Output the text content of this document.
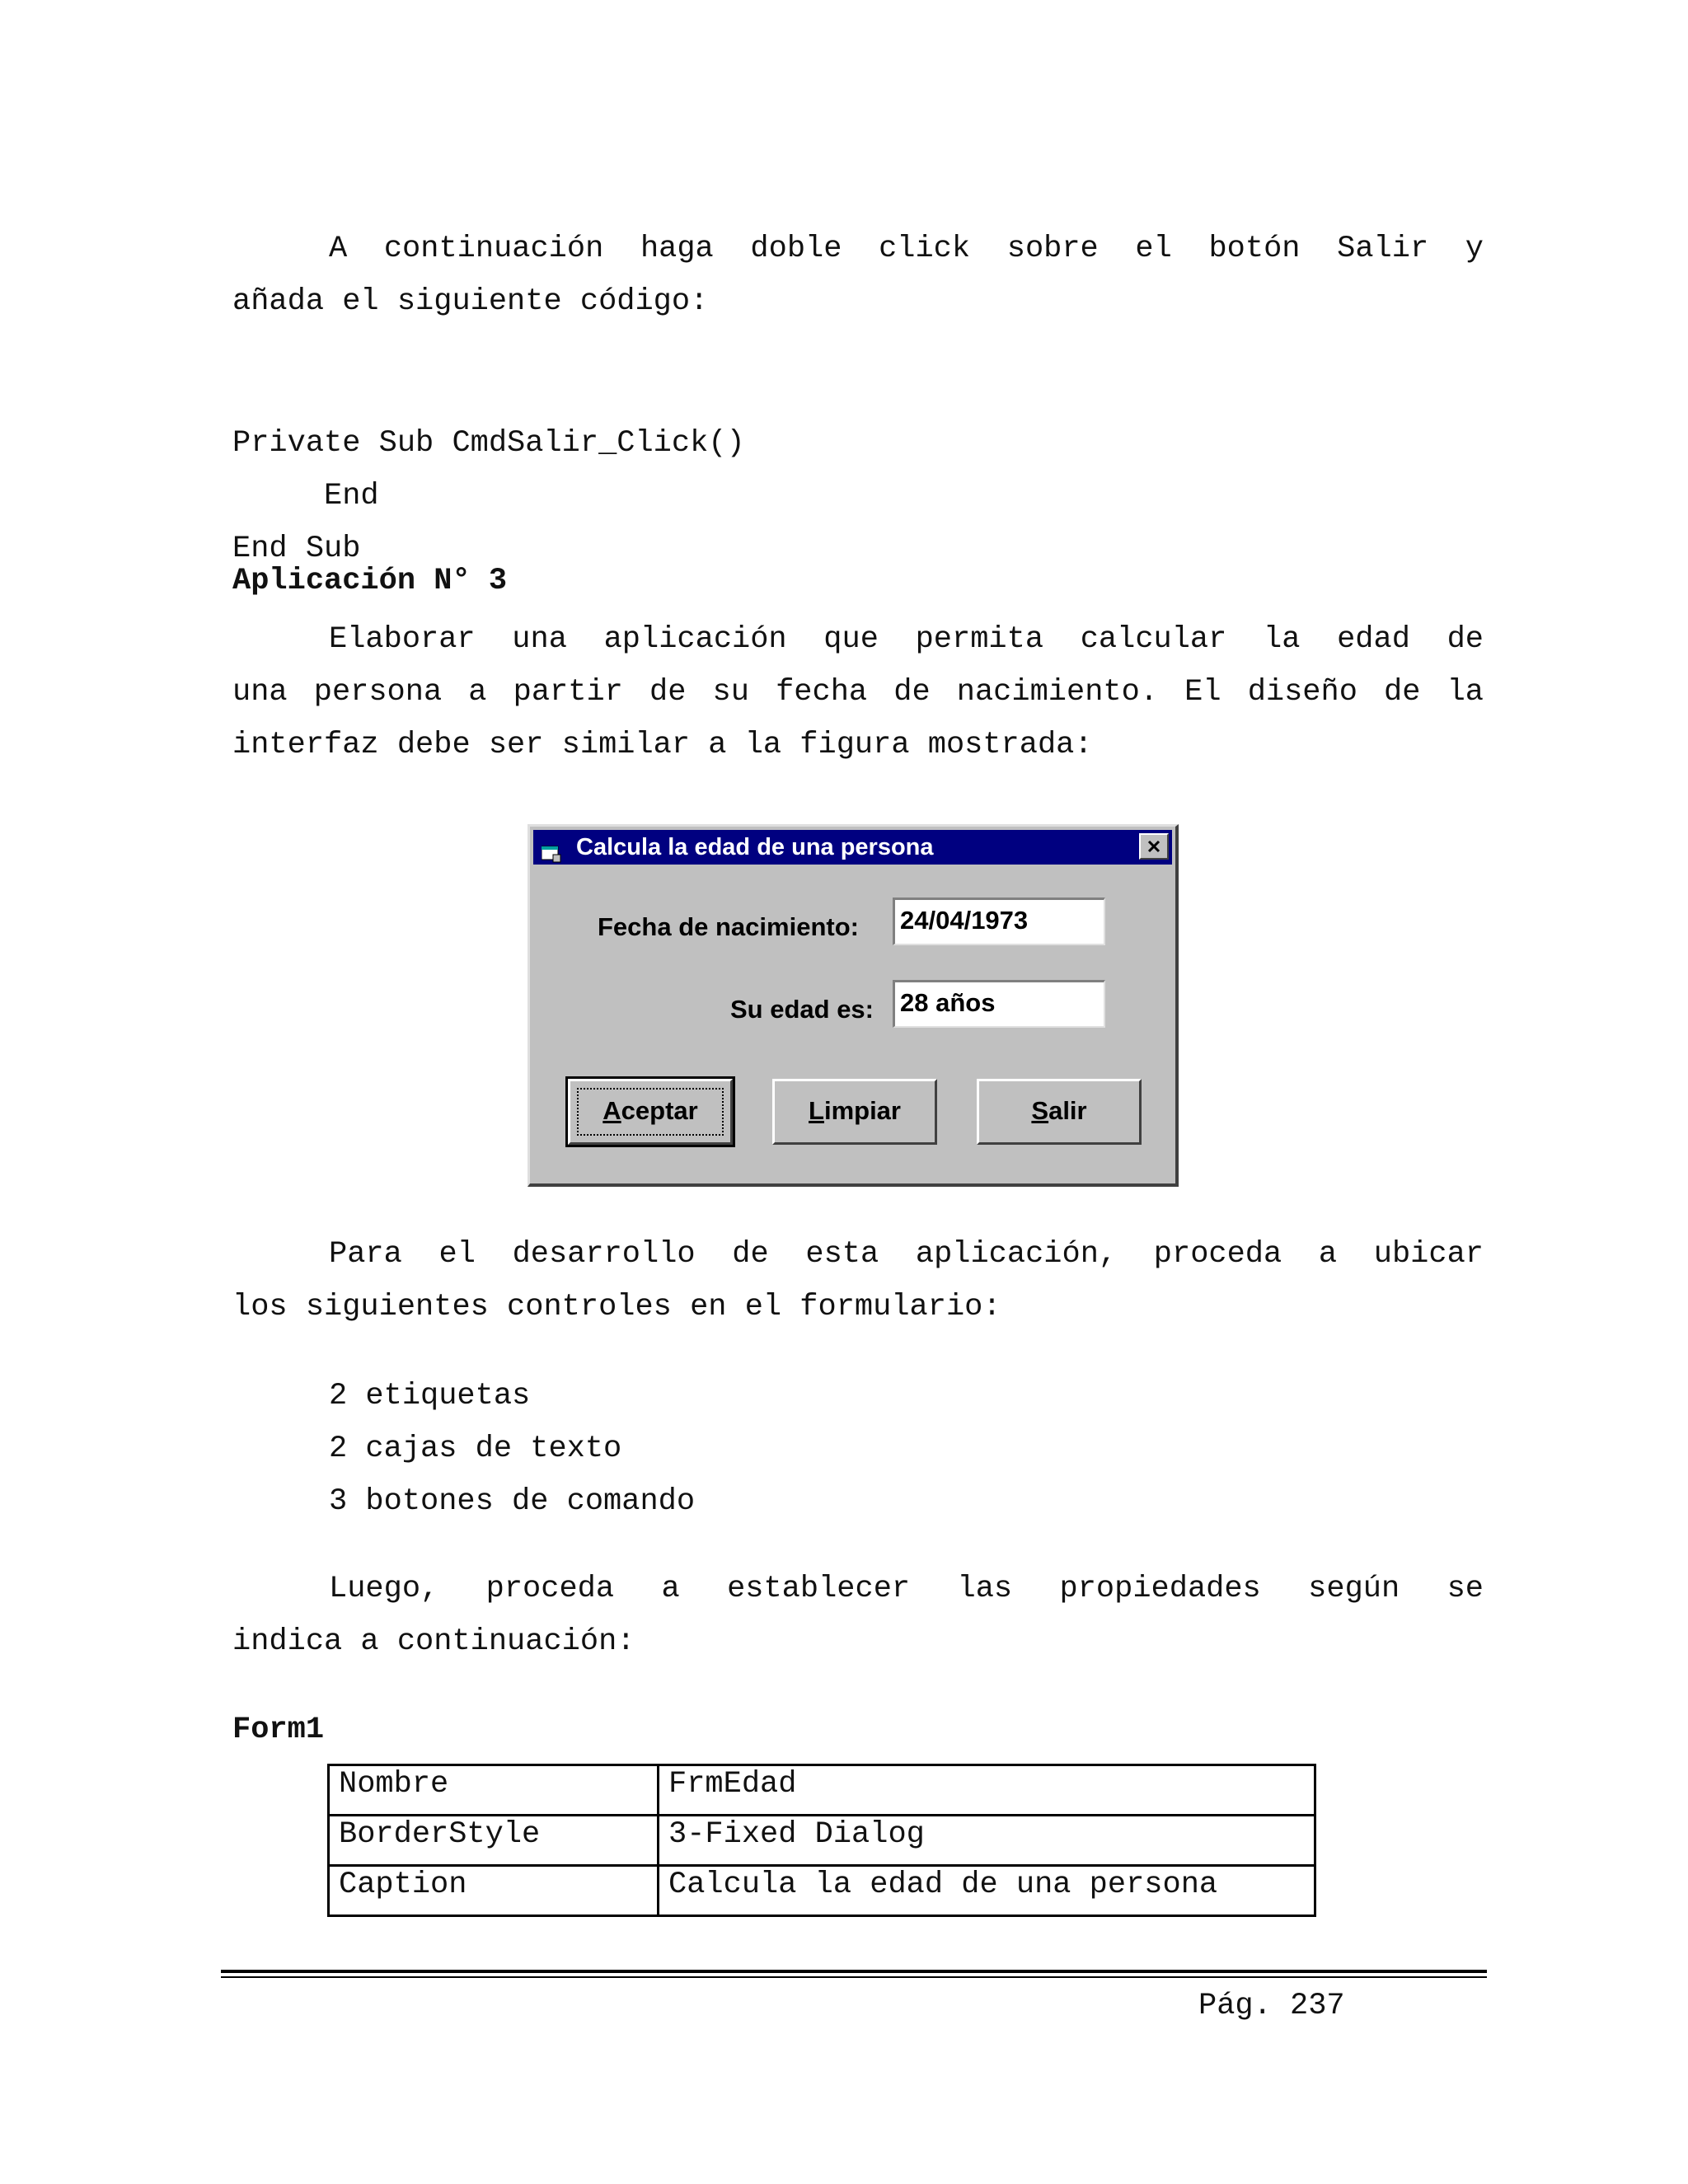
A continuación haga doble click sobre el botón Salir y
añada el siguiente código:

Private Sub CmdSalir_Click()
End
End Sub
Aplicación N° 3
Elaborar una aplicación que permita calcular la edad de
una persona a partir de su fecha de nacimiento. El diseño de la
interfaz debe ser similar a la figura mostrada:
Calcula la edad de una persona
Fecha de nacimiento: 24/04/1973
Su edad es: 28 años
Aceptar	Limpiar	Salir
Para el desarrollo de esta aplicación, proceda a ubicar
los siguientes controles en el formulario:
2 etiquetas
2 cajas de texto
3 botones de comando
Luego, proceda a establecer las propiedades según se
indica a continuación:
Form1
Nombre	FrmEdad
BorderStyle	3-Fixed Dialog
Caption	Calcula la edad de una persona
Pág. 237
